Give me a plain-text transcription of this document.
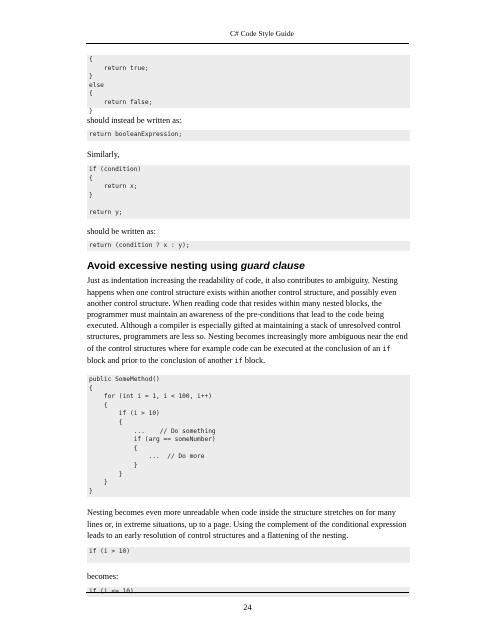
C# Code Style Guide
{
return true;
}
else
{
return false;
}
should instead be written as:
return booleanExpression;
Similarly,
if (condition)
{
return x;
}

return y;
should be written as:
return (condition ? x : y);
Avoid excessive nesting using guard clause
Just as indentation increasing the readability of code, it also contributes to ambiguity. Nesting happens when one control structure exists within another control structure, and possibly even another control structure. When reading code that resides within many nested blocks, the programmer must maintain an awareness of the pre-conditions that lead to the code being executed. Although a compiler is especially gifted at maintaining a stack of unresolved control structures, programmers are less so. Nesting becomes increasingly more ambiguous near the end of the control structures where for example code can be executed at the conclusion of an if block and prior to the conclusion of another if block.
public SomeMethod()
{
for (int i = 1, i < 100, i++)
{
if (i > 10)
{
...    // Do something
if (arg == someNumber)
{
...  // Do more
}
}
}
}
Nesting becomes even more unreadable when code inside the structure stretches on for many lines or, in extreme situations, up to a page. Using the complement of the conditional expression leads to an early resolution of control structures and a flattening of the nesting.
if (i > 10)
becomes:
if (i <= 10)
24
